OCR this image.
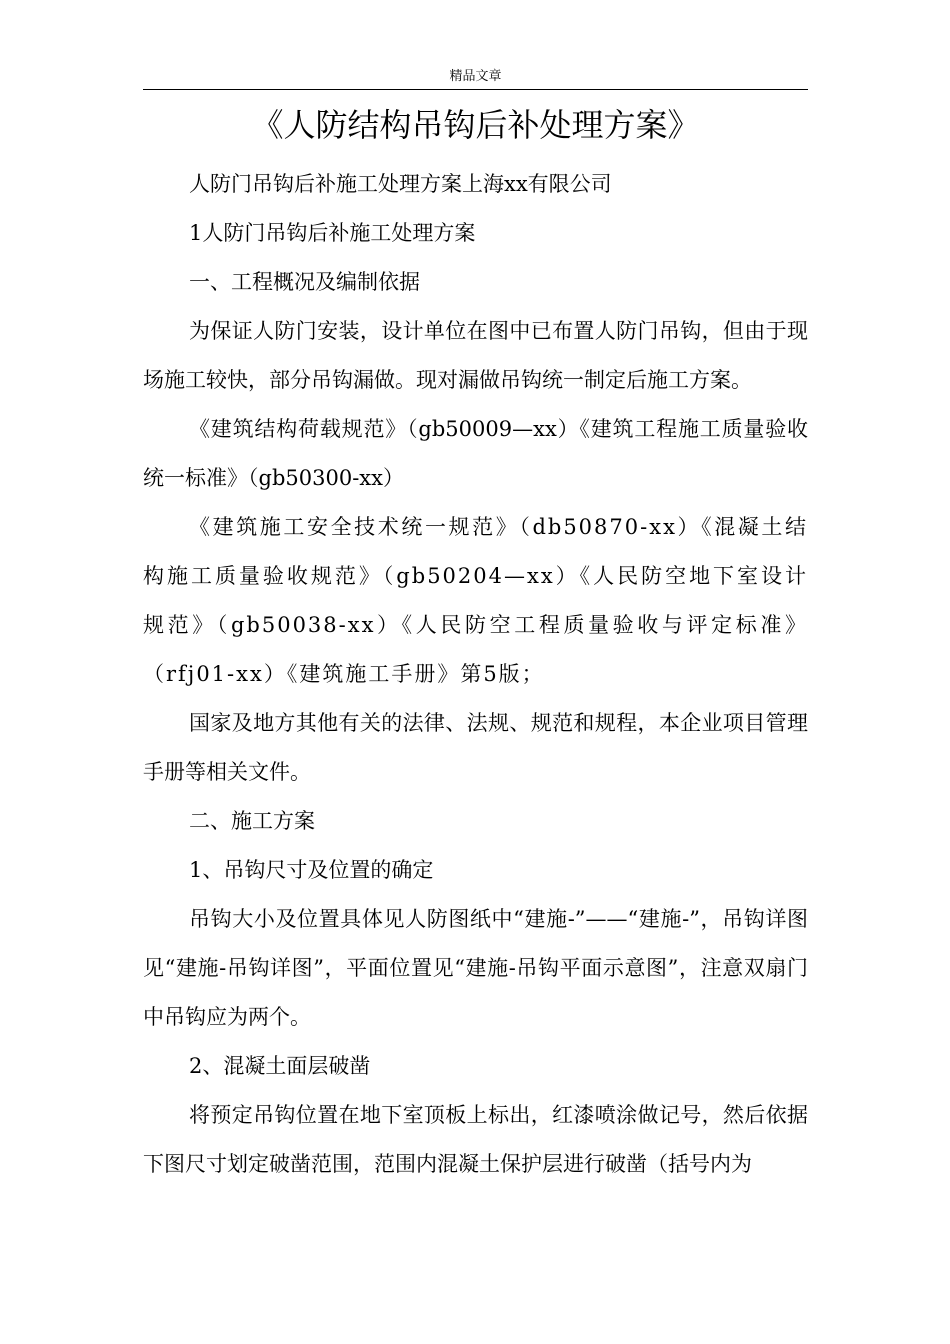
精品文章
《人防结构吊钩后补处理方案》

人防门吊钩后补施工处理方案上海xx有限公司

1人防门吊钩后补施工处理方案

一、工程概况及编制依据

为保证人防门安装，设计单位在图中已布置人防门吊钩，但由于现场施工较快，部分吊钩漏做。现对漏做吊钩统一制定后施工方案。

《建筑结构荷载规范》（gb50009—xx）《建筑工程施工质量验收统一标准》（gb50300-xx）

《建筑施工安全技术统一规范》（db50870-xx）《混凝土结构施工质量验收规范》（gb50204—xx）《人民防空地下室设计规范》（gb50038-xx）《人民防空工程质量验收与评定标准》（rfj01-xx）《建筑施工手册》第5版；

国家及地方其他有关的法律、法规、规范和规程，本企业项目管理手册等相关文件。

二、施工方案

1、吊钩尺寸及位置的确定

吊钩大小及位置具体见人防图纸中“建施-”——“建施-”，吊钩详图见“建施-吊钩详图”，平面位置见“建施-吊钩平面示意图”，注意双扇门中吊钩应为两个。

2、混凝土面层破凿

将预定吊钩位置在地下室顶板上标出，红漆喷涂做记号，然后依据下图尺寸划定破凿范围，范围内混凝土保护层进行破凿（括号内为
